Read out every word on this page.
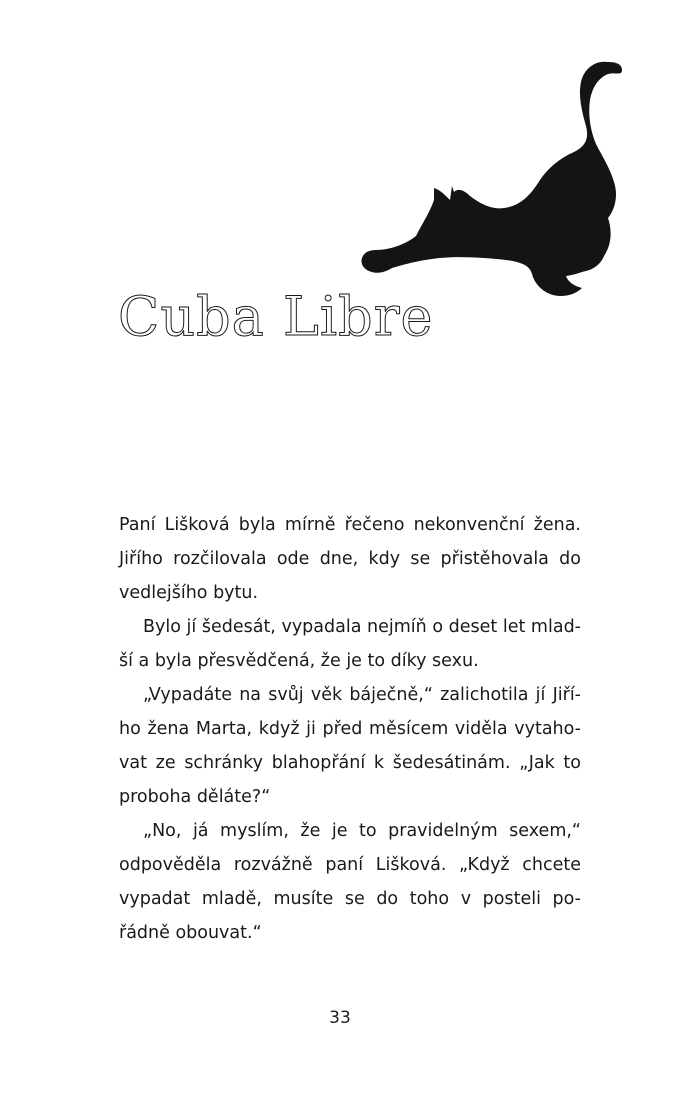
Cuba Libre

Paní Lišková byla mírně řečeno nekonvenční žena.
Jiřího rozčilovala ode dne, kdy se přistěhovala do
vedlejšího bytu.

Bylo jí šedesát, vypadala nejmíň o deset let mlad-
ší a byla přesvědčená, že je to díky sexu.

„Vypadáte na svůj věk báječně,“ zalichotila jí Jiří-
ho žena Marta, když ji před měsícem viděla vytaho-
vat ze schránky blahopřání k šedesátinám. „Jak to
proboha děláte?“

„No, já myslím, že je to pravidelným sexem,“
odpověděla rozvážně paní Lišková. „Když chcete
vypadat mladě, musíte se do toho v posteli po-
řádně obouvat.“

33
